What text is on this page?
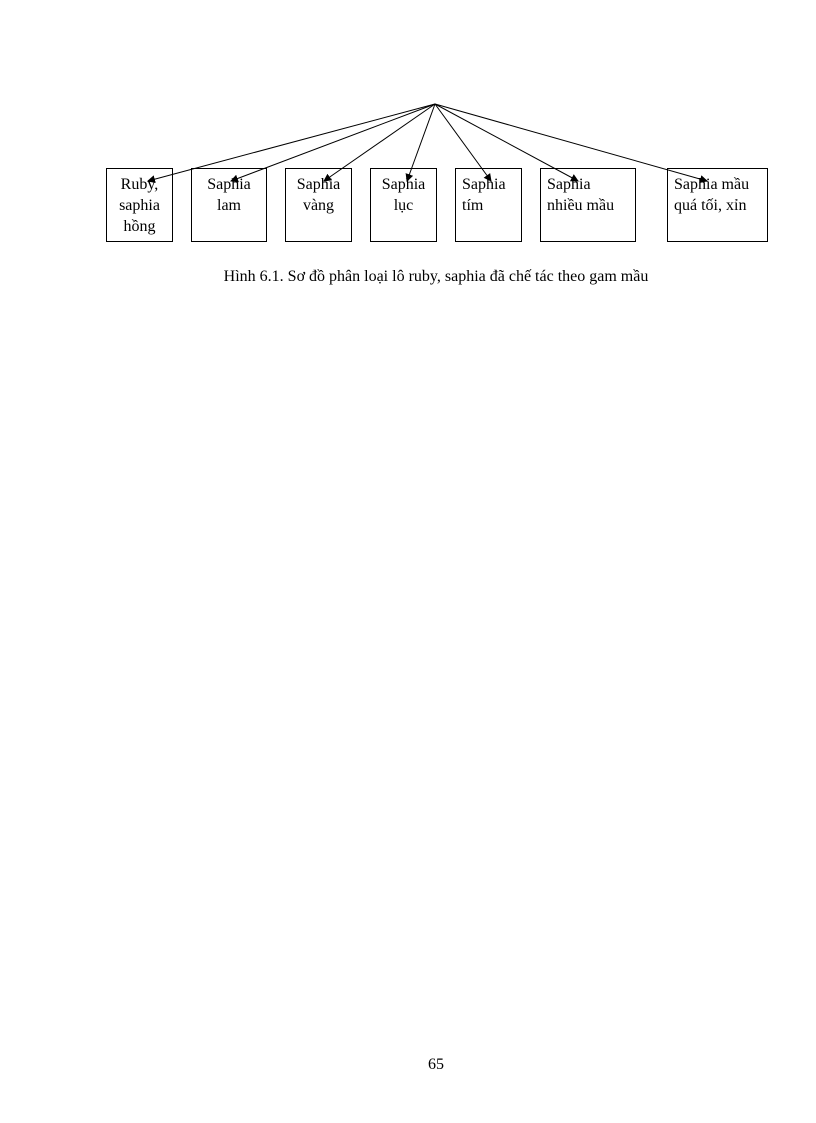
Ruby,
saphia
hồng
Saphia
lam
Saphia
vàng
Saphia
lục
Saphia
tím
Saphia
nhiều mầu
Saphia mầu
quá tối, xỉn
Hình 6.1. Sơ đồ phân loại lô ruby, saphia đã chế tác theo gam mầu
65
